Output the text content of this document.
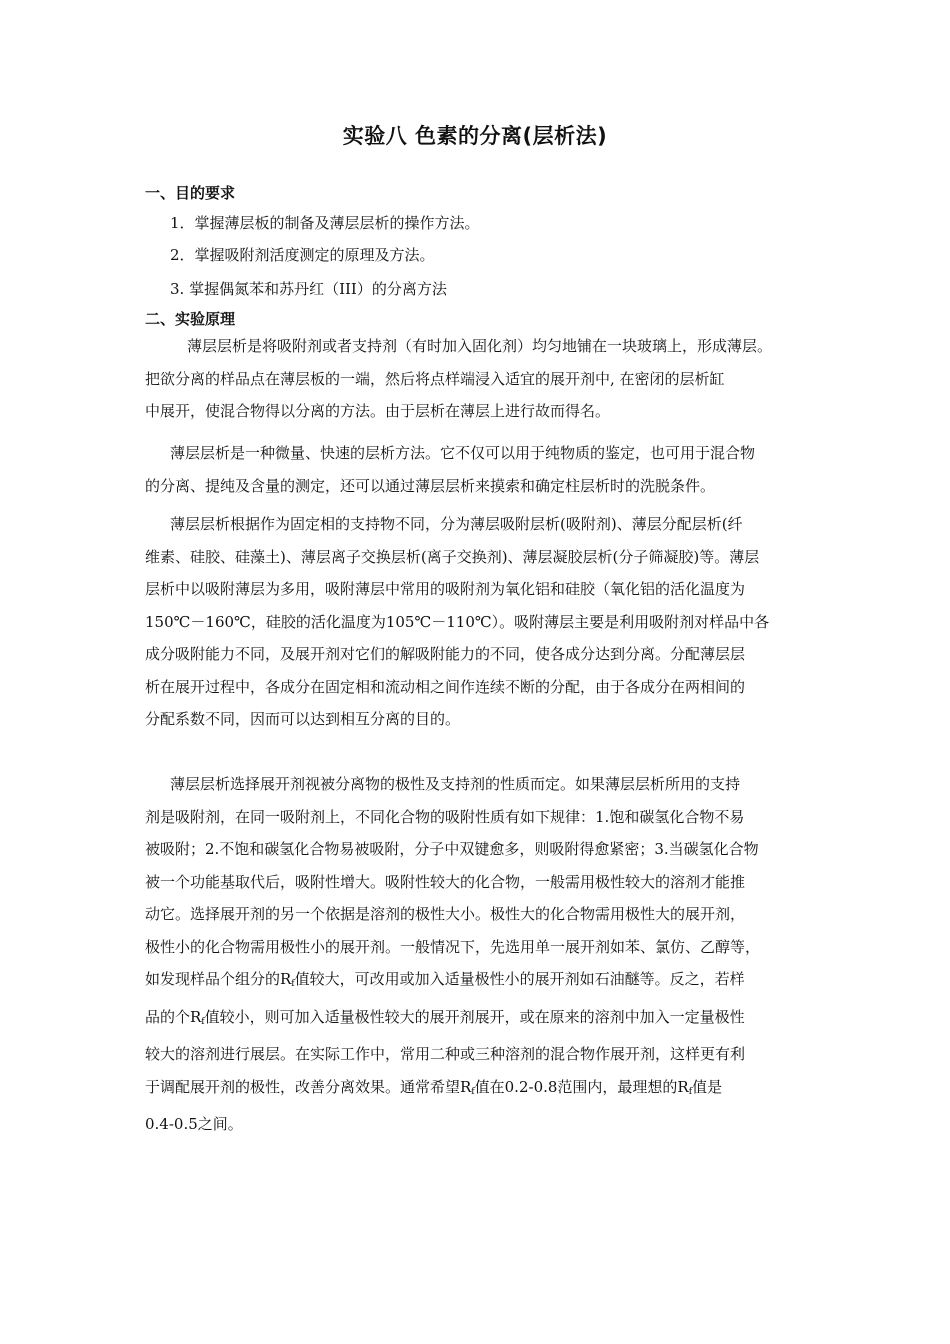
实验八 色素的分离(层析法)
一、目的要求
1．掌握薄层板的制备及薄层层析的操作方法。
2．掌握吸附剂活度测定的原理及方法。
3. 掌握偶氮苯和苏丹红（III）的分离方法
二、实验原理
薄层层析是将吸附剂或者支持剂（有时加入固化剂）均匀地铺在一块玻璃上，形成薄层。
把欲分离的样品点在薄层板的一端，然后将点样端浸入适宜的展开剂中, 在密闭的层析缸
中展开，使混合物得以分离的方法。由于层析在薄层上进行故而得名。
薄层层析是一种微量、快速的层析方法。它不仅可以用于纯物质的鉴定，也可用于混合物
的分离、提纯及含量的测定，还可以通过薄层层析来摸索和确定柱层析时的洗脱条件。
薄层层析根据作为固定相的支持物不同，分为薄层吸附层析(吸附剂)、薄层分配层析(纤
维素、硅胶、硅藻土)、薄层离子交换层析(离子交换剂)、薄层凝胶层析(分子筛凝胶)等。薄层
层析中以吸附薄层为多用，吸附薄层中常用的吸附剂为氧化铝和硅胶（氧化铝的活化温度为
150℃－160℃，硅胶的活化温度为105℃－110℃）。吸附薄层主要是利用吸附剂对样品中各
成分吸附能力不同，及展开剂对它们的解吸附能力的不同，使各成分达到分离。分配薄层层
析在展开过程中，各成分在固定相和流动相之间作连续不断的分配，由于各成分在两相间的
分配系数不同，因而可以达到相互分离的目的。
薄层层析选择展开剂视被分离物的极性及支持剂的性质而定。如果薄层层析所用的支持
剂是吸附剂，在同一吸附剂上，不同化合物的吸附性质有如下规律：1.饱和碳氢化合物不易
被吸附；2.不饱和碳氢化合物易被吸附，分子中双键愈多，则吸附得愈紧密；3.当碳氢化合物
被一个功能基取代后，吸附性增大。吸附性较大的化合物，一般需用极性较大的溶剂才能推
动它。选择展开剂的另一个依据是溶剂的极性大小。极性大的化合物需用极性大的展开剂，
极性小的化合物需用极性小的展开剂。一般情况下，先选用单一展开剂如苯、氯仿、乙醇等，
如发现样品个组分的$R_f$值较大，可改用或加入适量极性小的展开剂如石油醚等。反之，若样
品的个$R_f$值较小，则可加入适量极性较大的展开剂展开，或在原来的溶剂中加入一定量极性
较大的溶剂进行展层。在实际工作中，常用二种或三种溶剂的混合物作展开剂，这样更有利
于调配展开剂的极性，改善分离效果。通常希望$R_f$值在0.2-0.8范围内，最理想的$R_f$值是
0.4-0.5之间。
